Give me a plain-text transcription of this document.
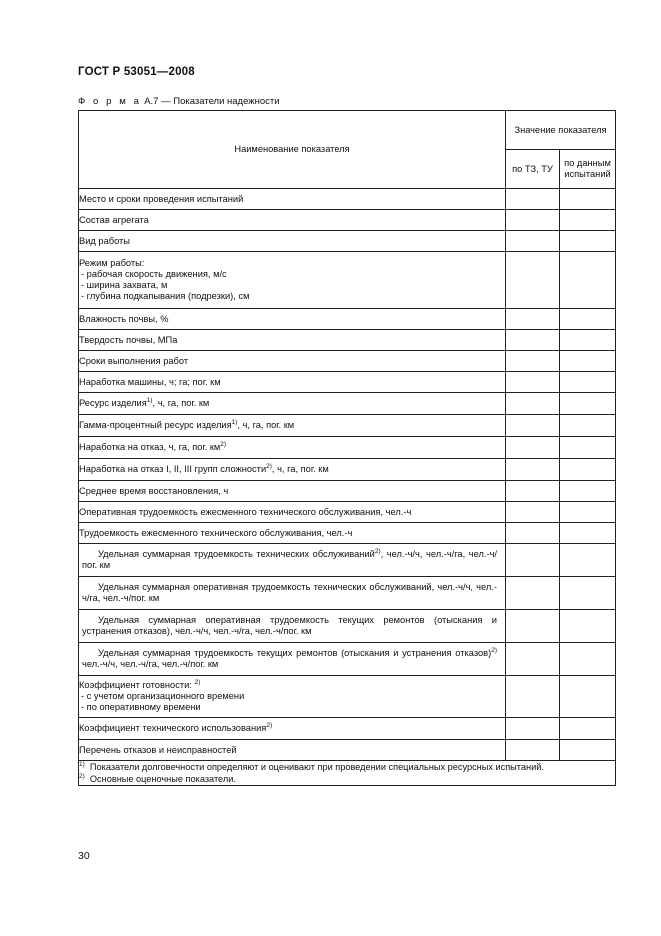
ГОСТ Р 53051—2008
Ф о р м а А.7 — Показатели надежности
Наименование показателя	Значение показателя	
	по ТЗ, ТУ	по данным испытаний
Место и сроки проведения испытаний		
Состав агрегата		
Вид работы		

Режим работы:
- рабочая скорость движения, м/с
- ширина захвата, м
- глубина подкапывания (подрезки), см		

Влажность почвы, %		
Твердость почвы, МПа		
Сроки выполнения работ		
Наработка машины, ч; га; пог. км		
Ресурс изделия$^{1)}$, ч, га, пог. км		
Гамма-процентный ресурс изделия$^{1)}$, ч, га, пог. км		
Наработка на отказ, ч, га, пог. $км^{2)}$		
Наработка на отказ I, II, III групп сложности$^{2)}$, ч, га, пог. км		
Среднее время восстановления, ч		
Оперативная трудоемкость ежесменного технического обслуживания, чел.-ч		
Трудоемкость ежесменного технического обслуживания, чел.-ч		
Удельная суммарная трудоемкость технических обслуживаний$^{2)}$, чел.-ч/ч, чел.-ч/га, чел.-ч/пог. км		
Удельная суммарная оперативная трудоемкость технических обслуживаний, чел.-ч/ч, чел.-ч/га, чел.-ч/пог. км		
Удельная суммарная оперативная трудоемкость текущих ремонтов (отыскания и устранения отказов), чел.-ч/ч, чел.-ч/га, чел.-ч/пог. км		
Удельная суммарная трудоемкость текущих ремонтов (отыскания и устранения отказов)$^{2)}$ чел.-ч/ч, чел.-ч/га, чел.-ч/пог. км		

Коэффициент готовности: $^{2)}$
- с учетом организационного времени
- по оперативному времени		

Коэффициент технического использования$^{2)}$		
Перечень отказов и неисправностей		

$^{1)}$ Показатели долговечности определяют и оценивают при проведении специальных ресурсных испытаний.
$^{2)}$ Основные оценочные показатели.		
30
